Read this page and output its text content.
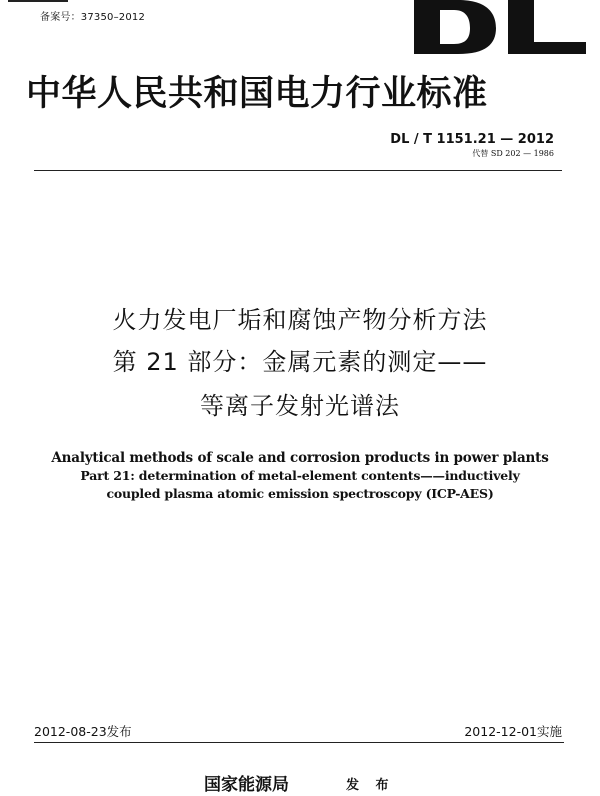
备案号：37350–2012
中华人民共和国电力行业标准
DL / T 1151.21 — 2012
代替 SD 202 — 1986
火力发电厂垢和腐蚀产物分析方法
第 21 部分：金属元素的测定——
等离子发射光谱法
Analytical methods of scale and corrosion products in power plants
Part 21: determination of metal-element contents——inductively
coupled plasma atomic emission spectroscopy (ICP-AES)
2012-08-23发布	2012-12-01实施
国家能源局	发 布
